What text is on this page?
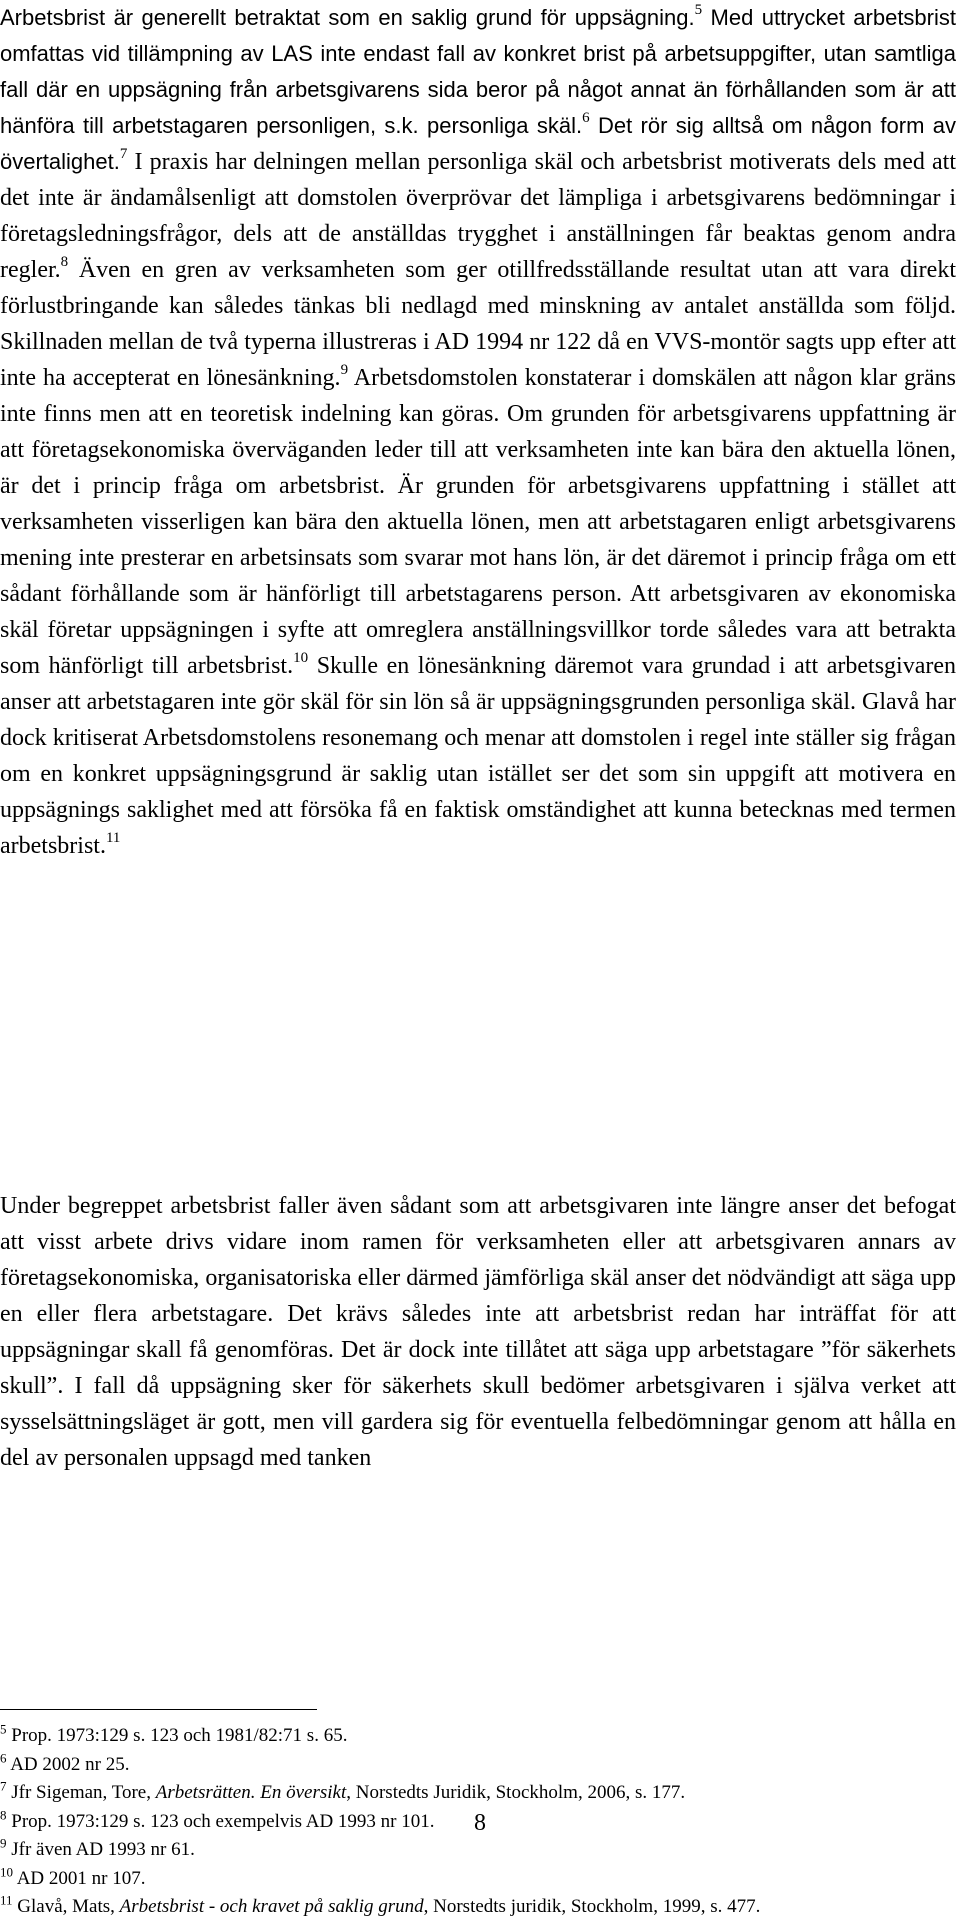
Arbetsbrist är generellt betraktat som en saklig grund för uppsägning.$^5$ Med uttrycket arbetsbrist omfattas vid tillämpning av LAS inte endast fall av konkret brist på arbetsuppgifter, utan samtliga fall där en uppsägning från arbetsgivarens sida beror på något annat än förhållanden som är att hänföra till arbetstagaren personligen, s.k. personliga skäl.$^6$ Det rör sig alltså om någon form av övertalighet.$^7$ I praxis har delningen mellan personliga skäl och arbetsbrist motiverats dels med att det inte är ändamålsenligt att domstolen överprövar det lämpliga i arbetsgivarens bedömningar i företagsledningsfrågor, dels att de anställdas trygghet i anställningen får beaktas genom andra regler.$^8$ Även en gren av verksamheten som ger otillfredsställande resultat utan att vara direkt förlustbringande kan således tänkas bli nedlagd med minskning av antalet anställda som följd. Skillnaden mellan de två typerna illustreras i AD 1994 nr 122 då en VVS-montör sagts upp efter att inte ha accepterat en lönesänkning.$^9$ Arbetsdomstolen konstaterar i domskälen att någon klar gräns inte finns men att en teoretisk indelning kan göras. Om grunden för arbetsgivarens uppfattning är att företagsekonomiska överväganden leder till att verksamheten inte kan bära den aktuella lönen, är det i princip fråga om arbetsbrist. Är grunden för arbetsgivarens uppfattning i stället att verksamheten visserligen kan bära den aktuella lönen, men att arbetstagaren enligt arbetsgivarens mening inte presterar en arbetsinsats som svarar mot hans lön, är det däremot i princip fråga om ett sådant förhållande som är hänförligt till arbetstagarens person. Att arbetsgivaren av ekonomiska skäl företar uppsägningen i syfte att omreglera anställningsvillkor torde således vara att betrakta som hänförligt till arbetsbrist.$^{10}$ Skulle en lönesänkning däremot vara grundad i att arbetsgivaren anser att arbetstagaren inte gör skäl för sin lön så är uppsägningsgrunden personliga skäl. Glavå har dock kritiserat Arbetsdomstolens resonemang och menar att domstolen i regel inte ställer sig frågan om en konkret uppsägningsgrund är saklig utan istället ser det som sin uppgift att motivera en uppsägnings saklighet med att försöka få en faktisk omständighet att kunna betecknas med termen arbetsbrist.$^{11}$

Under begreppet arbetsbrist faller även sådant som att arbetsgivaren inte längre anser det befogat att visst arbete drivs vidare inom ramen för verksamheten eller att arbetsgivaren annars av företagsekonomiska, organisatoriska eller därmed jämförliga skäl anser det nödvändigt att säga upp en eller flera arbetstagare. Det krävs således inte att arbetsbrist redan har inträffat för att uppsägningar skall få genomföras. Det är dock inte tillåtet att säga upp arbetstagare ”för säkerhets skull”. I fall då uppsägning sker för säkerhets skull bedömer arbetsgivaren i själva verket att sysselsättningsläget är gott, men vill gardera sig för eventuella felbedömningar genom att hålla en del av personalen uppsagd med tanken

$^5$ Prop. 1973:129 s. 123 och 1981/82:71 s. 65.

$^6$ AD 2002 nr 25.

$^7$ Jfr Sigeman, Tore, Arbetsrätten. En översikt, Norstedts Juridik, Stockholm, 2006, s. 177.

$^8$ Prop. 1973:129 s. 123 och exempelvis AD 1993 nr 101.

$^9$ Jfr även AD 1993 nr 61.

$^{10}$ AD 2001 nr 107.

$^{11}$ Glavå, Mats, Arbetsbrist - och kravet på saklig grund, Norstedts juridik, Stockholm, 1999, s. 477.

8
